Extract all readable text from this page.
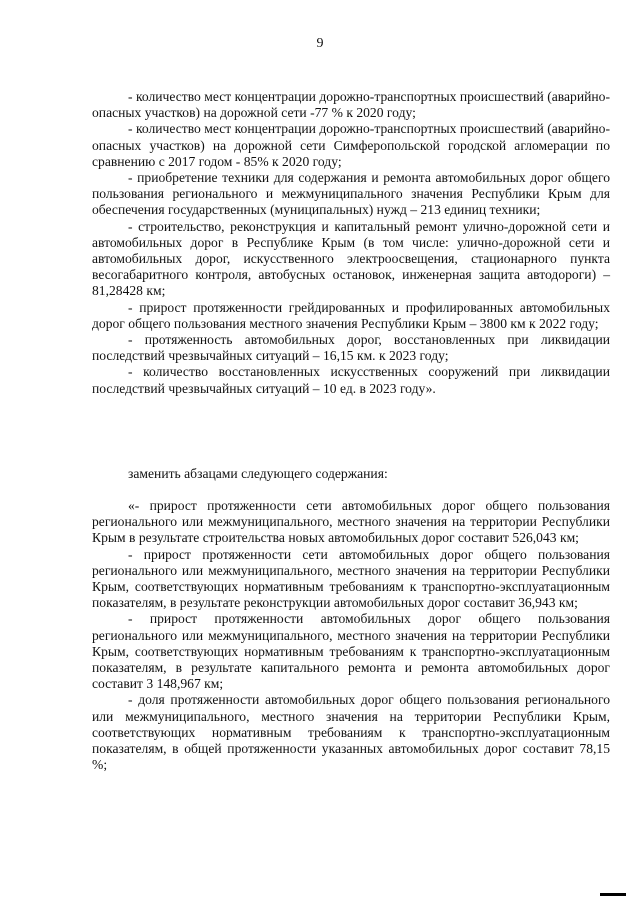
9

- количество мест концентрации дорожно-транспортных происшествий (аварийно-опасных участков) на дорожной сети -77 % к 2020 году;

- количество мест концентрации дорожно-транспортных происшествий (аварийно-опасных участков) на дорожной сети Симферопольской городской агломерации по сравнению с 2017 годом - 85% к 2020 году;

- приобретение техники для содержания и ремонта автомобильных дорог общего пользования регионального и межмуниципального значения Республики Крым для обеспечения государственных (муниципальных) нужд – 213 единиц техники;

- строительство, реконструкция и капитальный ремонт улично-дорожной сети и автомобильных дорог в Республике Крым (в том числе: улично-дорожной сети и автомобильных дорог, искусственного электроосвещения, стационарного пункта весогабаритного контроля, автобусных остановок, инженерная защита автодороги) – 81,28428 км;

- прирост протяженности грейдированных и профилированных автомобильных дорог общего пользования местного значения Республики Крым – 3800 км к 2022 году;

- протяженность автомобильных дорог, восстановленных при ликвидации последствий чрезвычайных ситуаций – 16,15 км. к 2023 году;

- количество восстановленных искусственных сооружений при ликвидации последствий чрезвычайных ситуаций – 10 ед. в 2023 году».

заменить абзацами следующего содержания:

«- прирост протяженности сети автомобильных дорог общего пользования регионального или межмуниципального, местного значения на территории Республики Крым в результате строительства новых автомобильных дорог составит 526,043 км;

- прирост протяженности сети автомобильных дорог общего пользования регионального или межмуниципального, местного значения на территории Республики Крым, соответствующих нормативным требованиям к транспортно-эксплуатационным показателям, в результате реконструкции автомобильных дорог составит 36,943 км;

- прирост протяженности автомобильных дорог общего пользования регионального или межмуниципального, местного значения на территории Республики Крым, соответствующих нормативным требованиям к транспортно-эксплуатационным показателям, в результате капитального ремонта и ремонта автомобильных дорог составит 3 148,967 км;

- доля протяженности автомобильных дорог общего пользования регионального или межмуниципального, местного значения на территории Республики Крым, соответствующих нормативным требованиям к транспортно-эксплуатационным показателям, в общей протяженности указанных автомобильных дорог составит 78,15 %;
